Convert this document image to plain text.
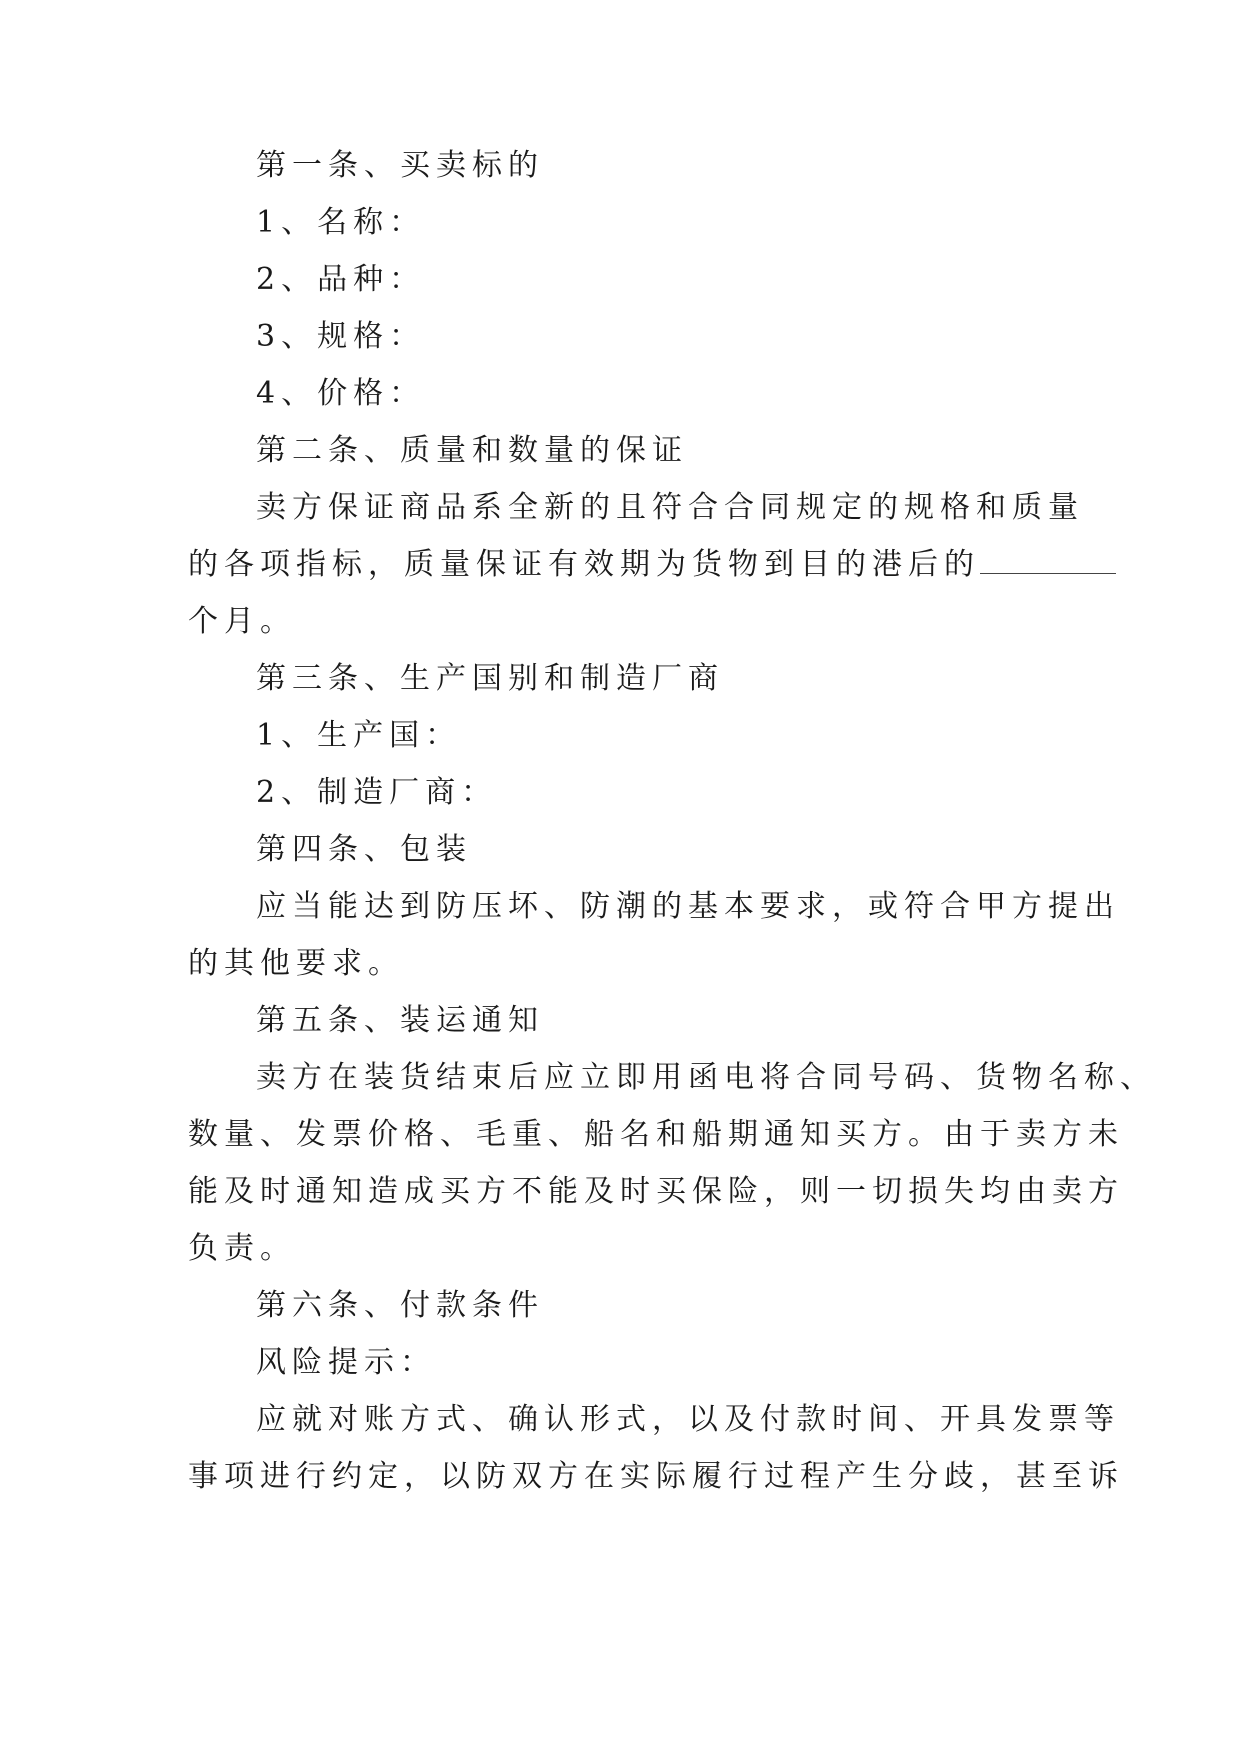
第一条、买卖标的
1、名称：
2、品种：
3、规格：
4、价格：
第二条、质量和数量的保证
卖方保证商品系全新的且符合合同规定的规格和质量
的各项指标，质量保证有效期为货物到目的港后的
个月。
第三条、生产国别和制造厂商
1、生产国：
2、制造厂商：
第四条、包装
应当能达到防压坏、防潮的基本要求，或符合甲方提出
的其他要求。
第五条、装运通知
卖方在装货结束后应立即用函电将合同号码、货物名称、
数量、发票价格、毛重、船名和船期通知买方。由于卖方未
能及时通知造成买方不能及时买保险，则一切损失均由卖方
负责。
第六条、付款条件
风险提示：
应就对账方式、确认形式，以及付款时间、开具发票等
事项进行约定，以防双方在实际履行过程产生分歧，甚至诉
